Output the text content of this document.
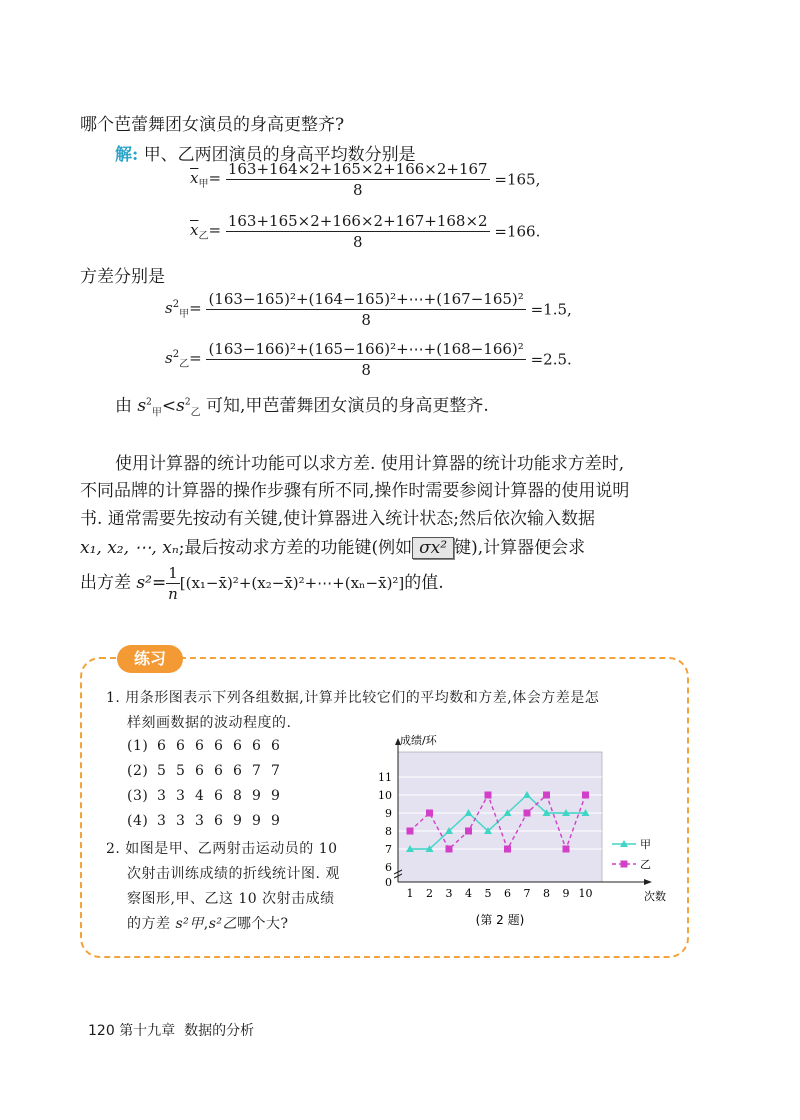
哪个芭蕾舞团女演员的身高更整齐?
解: 甲、乙两团演员的身高平均数分别是
$\overline{x}_甲= \frac{163+164\times 2+165\times 2+166\times 2+167}{8} =165$,
$\overline{x}_乙= \frac{163+165\times 2+166\times 2+167+168\times 2}{8} =166$.
方差分别是
$s^2_甲= \frac{\text{(163−165)²+(164−165)²+⋯+(167−165)²}}{8} =1.5$,
$s^2_乙= \frac{\text{(163−166)²+(165−166)²+⋯+(168−166)²}}{8} =2.5$.
由 $s^2_甲<s^2_乙$ 可知,甲芭蕾舞团女演员的身高更整齐.
使用计算器的统计功能可以求方差. 使用计算器的统计功能求方差时,
不同品牌的计算器的操作步骤有所不同,操作时需要参阅计算器的使用说明
书. 通常需要先按动有关键,使计算器进入统计状态;然后依次输入数据
x₁, x₂, ⋯, xₙ;最后按动求方差的功能键(例如 σx² 键),计算器便会求
出方差 $s^2= \frac{1}{n}$ [(x₁−x̄)²+(x₂−x̄)²+⋯+(xₙ−x̄)²]的值.
练习
1. 用条形图表示下列各组数据,计算并比较它们的平均数和方差,体会方差是怎
样刻画数据的波动程度的.
(1) 6 6 6 6 6 6 6
(2) 5 5 6 6 6 7 7
(3) 3 3 4 6 8 9 9
(4) 3 3 3 6 9 9 9
2. 如图是甲、乙两射击运动员的 10
次射击训练成绩的折线统计图. 观
察图形,甲、乙这 10 次射击成绩
的方差 s²甲,s²乙哪个大?
成绩/环
次数
0
6
7
8
9
10
11
1 2 3 4 5 6 7 8 9 10
甲
乙
(第 2 题)
120 第十九章 数据的分析
